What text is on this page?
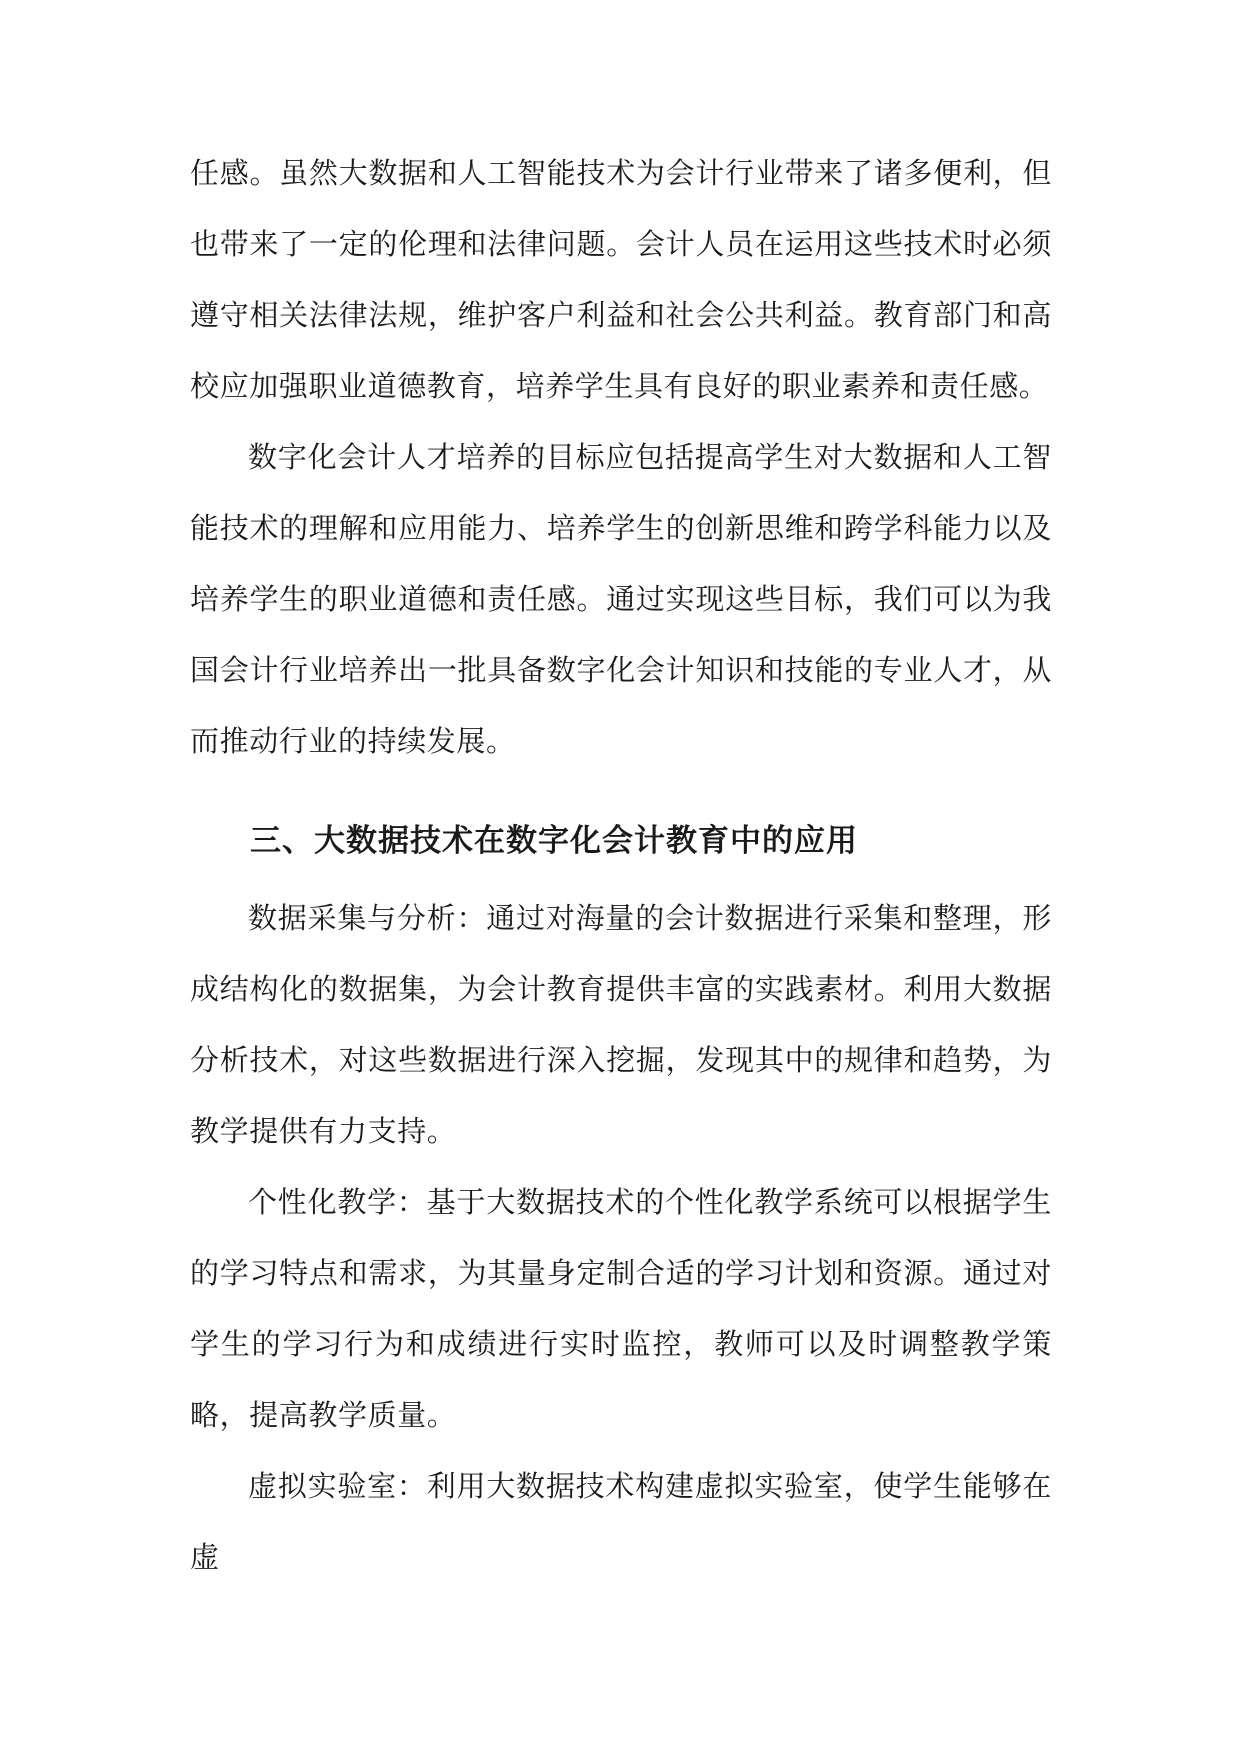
任感。虽然大数据和人工智能技术为会计行业带来了诸多便利，但也带来了一定的伦理和法律问题。会计人员在运用这些技术时必须遵守相关法律法规，维护客户利益和社会公共利益。教育部门和高校应加强职业道德教育，培养学生具有良好的职业素养和责任感。

数字化会计人才培养的目标应包括提高学生对大数据和人工智能技术的理解和应用能力、培养学生的创新思维和跨学科能力以及培养学生的职业道德和责任感。通过实现这些目标，我们可以为我国会计行业培养出一批具备数字化会计知识和技能的专业人才，从而推动行业的持续发展。

三、大数据技术在数字化会计教育中的应用

数据采集与分析：通过对海量的会计数据进行采集和整理，形成结构化的数据集，为会计教育提供丰富的实践素材。利用大数据分析技术，对这些数据进行深入挖掘，发现其中的规律和趋势，为教学提供有力支持。

个性化教学：基于大数据技术的个性化教学系统可以根据学生的学习特点和需求，为其量身定制合适的学习计划和资源。通过对学生的学习行为和成绩进行实时监控，教师可以及时调整教学策略，提高教学质量。

虚拟实验室：利用大数据技术构建虚拟实验室，使学生能够在虚
